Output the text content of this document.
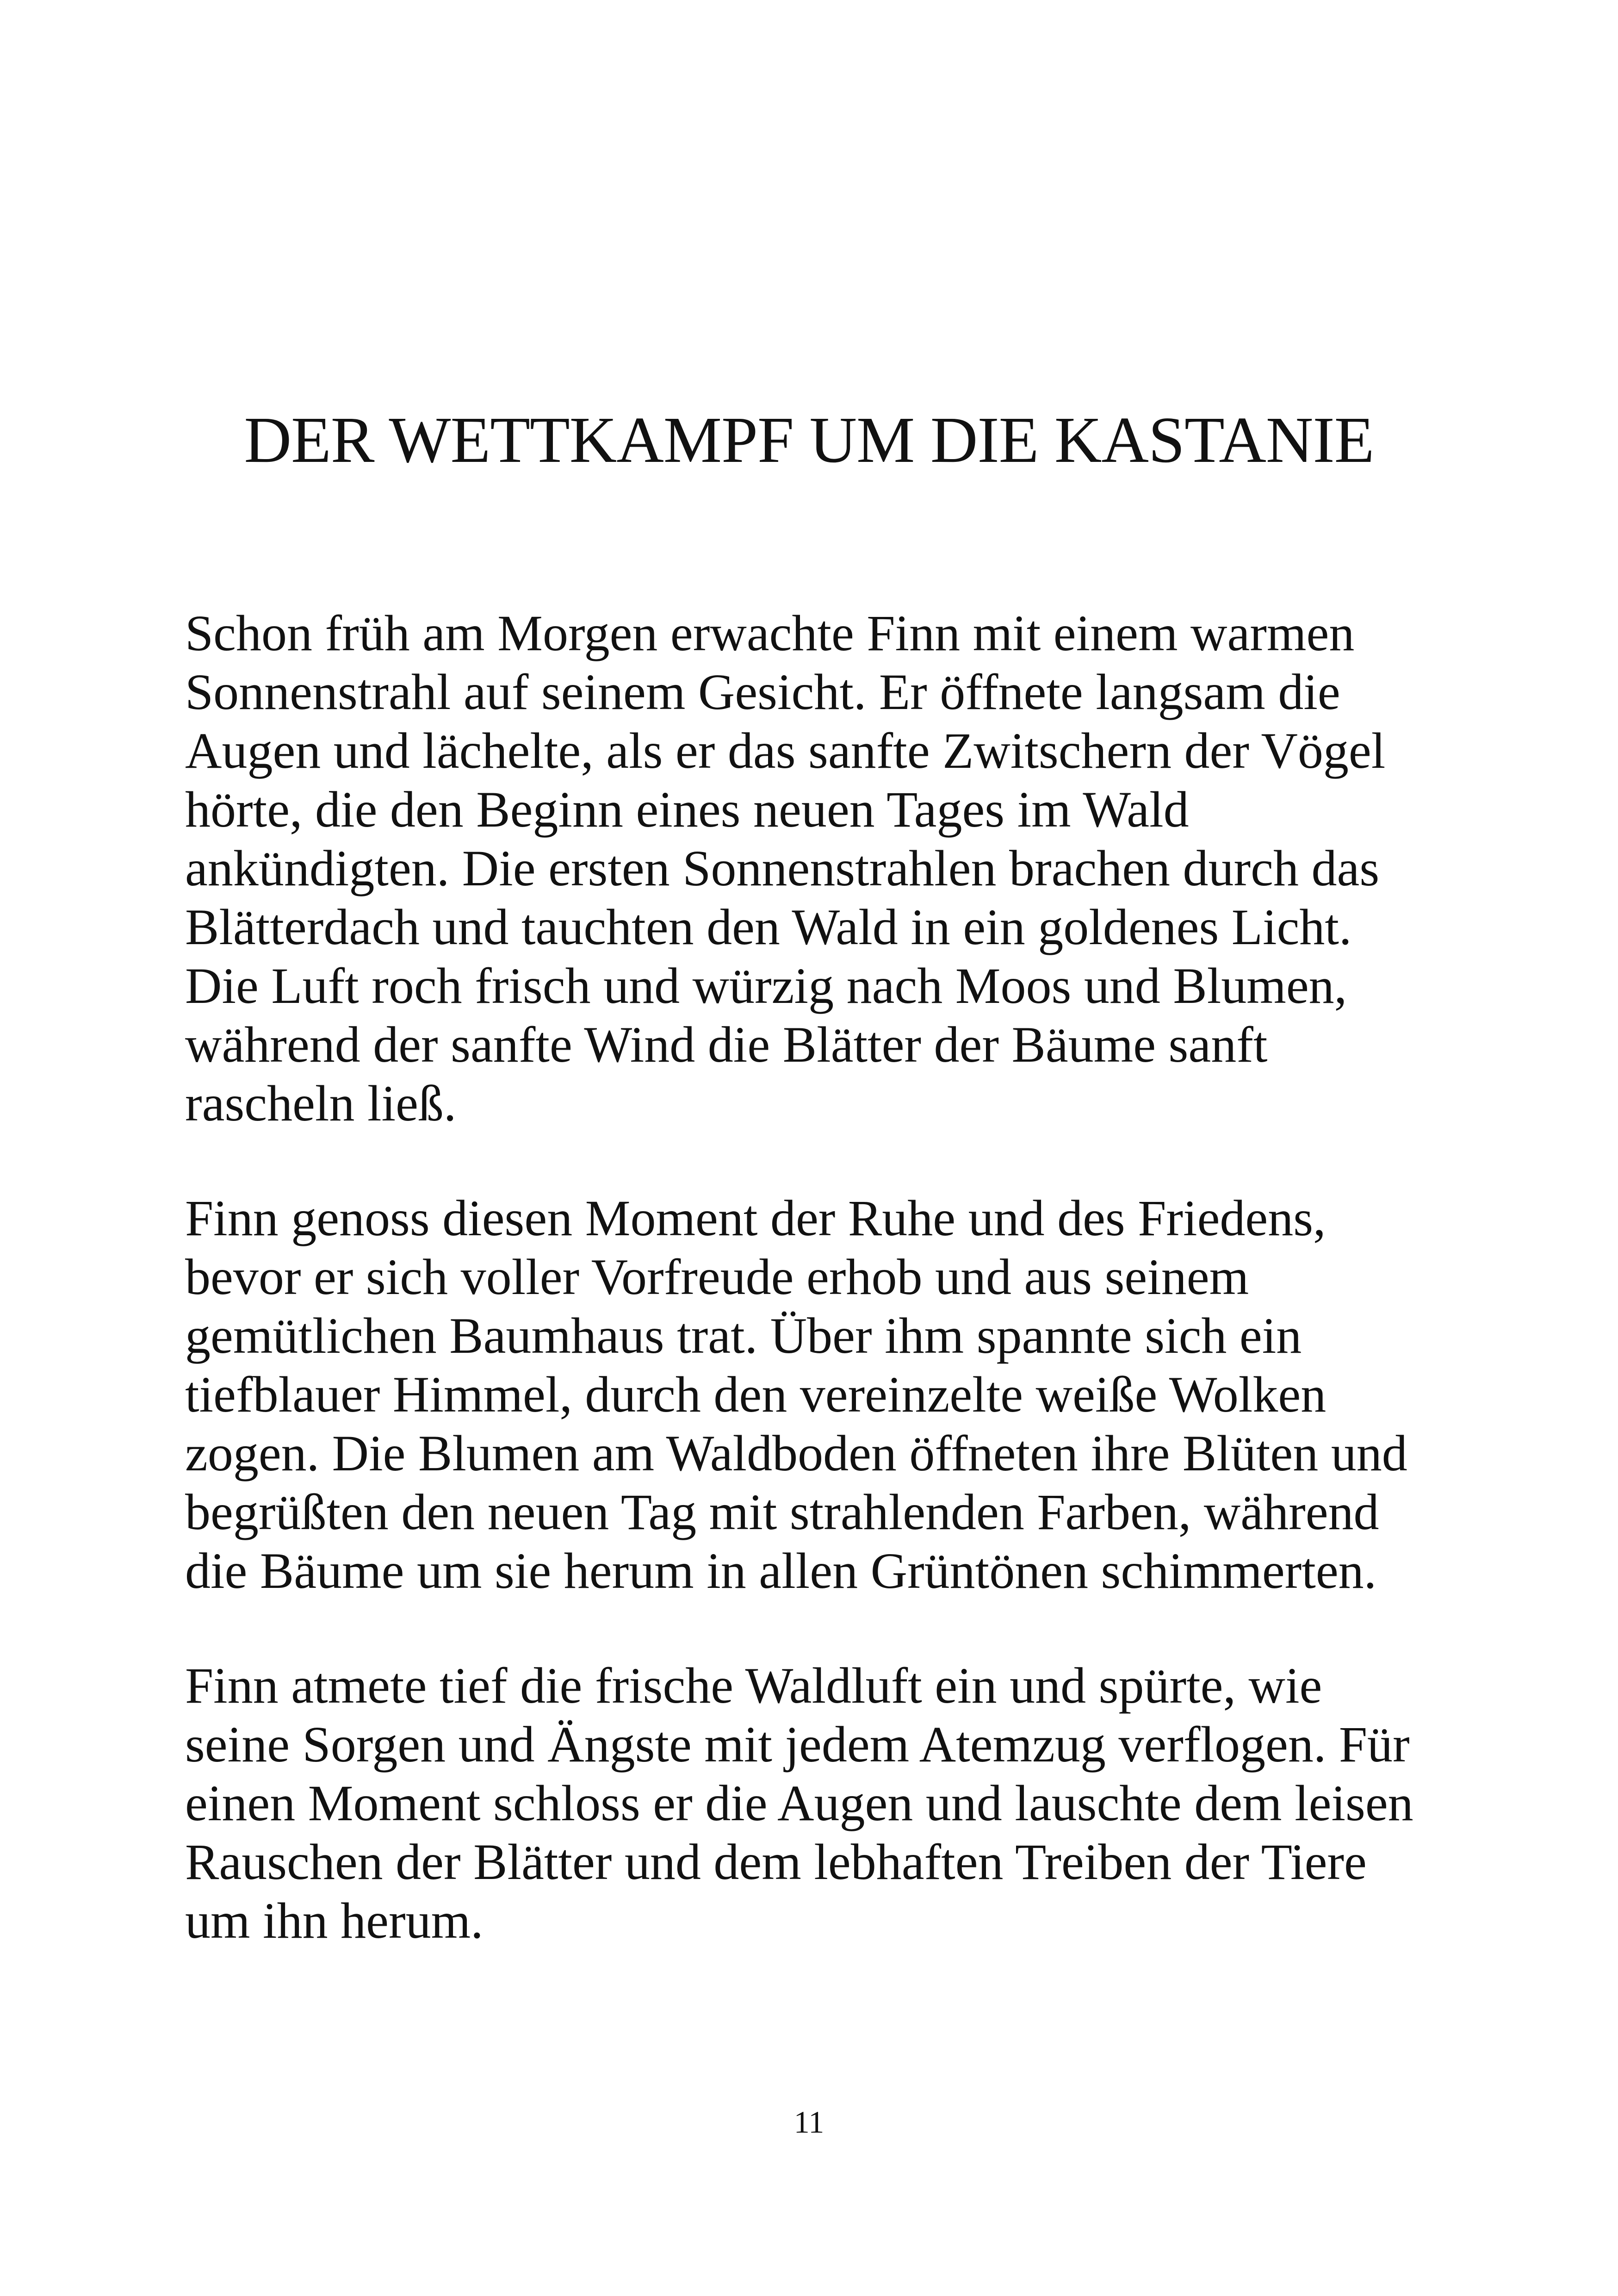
DER WETTKAMPF UM DIE KASTANIE

Schon früh am Morgen erwachte Finn mit einem warmen
Sonnenstrahl auf seinem Gesicht. Er öffnete langsam die
Augen und lächelte, als er das sanfte Zwitschern der Vögel
hörte, die den Beginn eines neuen Tages im Wald
ankündigten. Die ersten Sonnenstrahlen brachen durch das
Blätterdach und tauchten den Wald in ein goldenes Licht.
Die Luft roch frisch und würzig nach Moos und Blumen,
während der sanfte Wind die Blätter der Bäume sanft
rascheln ließ.

Finn genoss diesen Moment der Ruhe und des Friedens,
bevor er sich voller Vorfreude erhob und aus seinem
gemütlichen Baumhaus trat. Über ihm spannte sich ein
tiefblauer Himmel, durch den vereinzelte weiße Wolken
zogen. Die Blumen am Waldboden öffneten ihre Blüten und
begrüßten den neuen Tag mit strahlenden Farben, während
die Bäume um sie herum in allen Grüntönen schimmerten.

Finn atmete tief die frische Waldluft ein und spürte, wie
seine Sorgen und Ängste mit jedem Atemzug verflogen. Für
einen Moment schloss er die Augen und lauschte dem leisen
Rauschen der Blätter und dem lebhaften Treiben der Tiere
um ihn herum.

11
